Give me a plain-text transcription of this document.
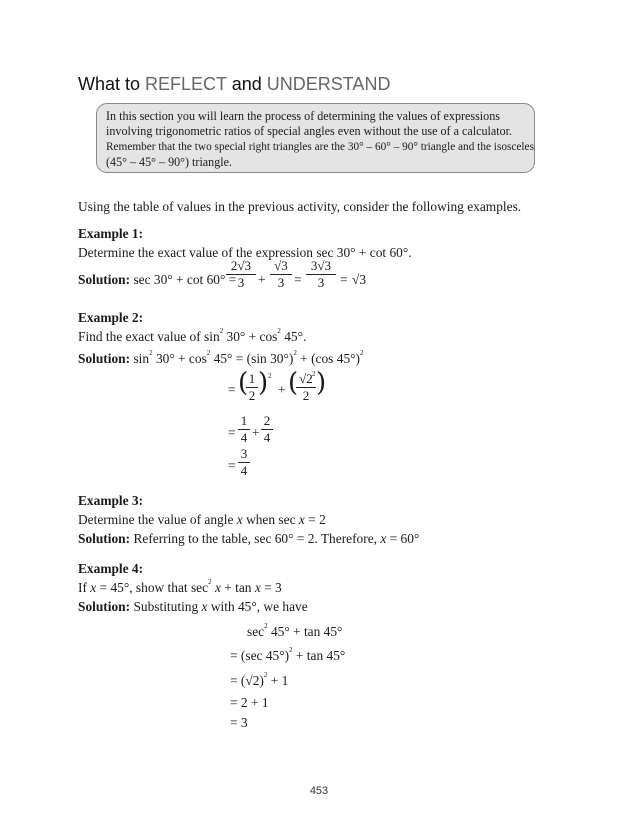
What to REFLECT and UNDERSTAND

In this section you will learn the process of determining the values of expressions

involving trigonometric ratios of special angles even without the use of a calculator.

Remember that the two special right triangles are the 30° – 60° – 90° triangle and the isosceles

(45° – 45° – 90°) triangle.

Using the table of values in the previous activity, consider the following examples.
Example 1:
Determine the exact value of the expression sec 30° + cot 60°.
Solution: sec 30° + cot 60° =
$\frac{2√3}{3} + \frac{√3}{3} = \frac{3√3}{3} = √3$
Example 2:
Find the exact value of $\sin^2 30^\circ + \cos^2 45^\circ$.
Solution: $\sin^2 30^\circ + \cos^2 45^\circ = (\sin$ 30°)$^2$ + (cos 45°)$^2$
= (
$\frac{1}{2}$ ) 2
+ (
$\frac{√2}{2}$ )
2
= $\frac{1}{4} + \frac{2}{4}$
= $\frac{3}{4}$
Example 3:
Determine the value of angle x when sec x = 2
Solution: Referring to the table, sec 60° = 2. Therefore, x = 60°
Example 4:
If x = 45°, show that $\sec^2 x + \tan x = 3$
Solution: Substituting x with 45°, we have
$\sec^2 45^\circ + \tan 45^\circ$
= (sec 45°)$^2$ + tan 45°
= $(√2)^2 + 1$
= 2 + 1
= 3
453
